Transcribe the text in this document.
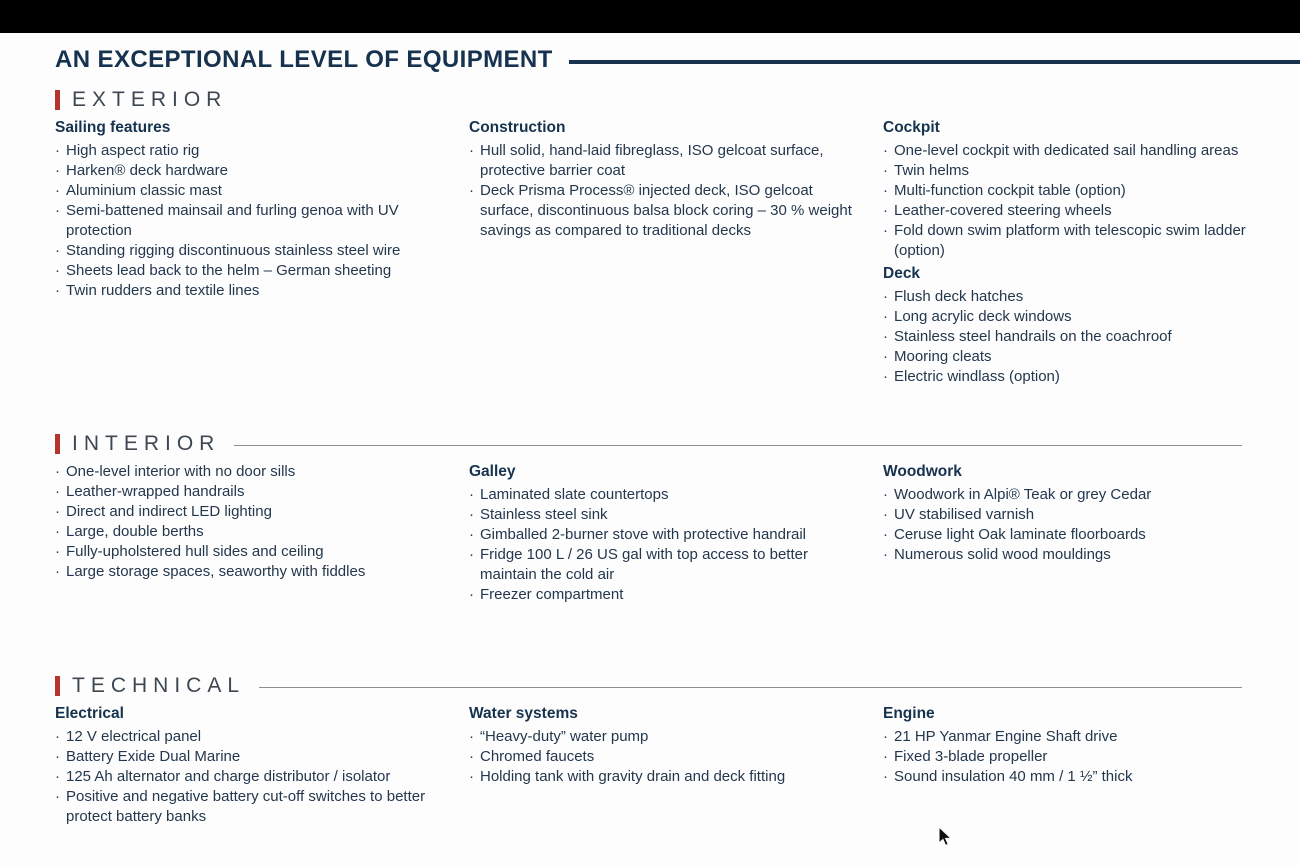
AN EXCEPTIONAL LEVEL OF EQUIPMENT
EXTERIOR
Sailing features
· High aspect ratio rig
· Harken® deck hardware
· Aluminium classic mast
· Semi-battened mainsail and furling genoa with UV protection
· Standing rigging discontinuous stainless steel wire
· Sheets lead back to the helm – German sheeting
· Twin rudders and textile lines
Construction
· Hull solid, hand-laid fibreglass, ISO gelcoat surface, protective barrier coat
· Deck Prisma Process® injected deck, ISO gelcoat surface, discontinuous balsa block coring – 30 % weight savings as compared to traditional decks
Cockpit
· One-level cockpit with dedicated sail handling areas
· Twin helms
· Multi-function cockpit table (option)
· Leather-covered steering wheels
· Fold down swim platform with telescopic swim ladder (option)
Deck
· Flush deck hatches
· Long acrylic deck windows
· Stainless steel handrails on the coachroof
· Mooring cleats
· Electric windlass (option)
INTERIOR
· One-level interior with no door sills
· Leather-wrapped handrails
· Direct and indirect LED lighting
· Large, double berths
· Fully-upholstered hull sides and ceiling
· Large storage spaces, seaworthy with fiddles
Galley
· Laminated slate countertops
· Stainless steel sink
· Gimballed 2-burner stove with protective handrail
· Fridge 100 L / 26 US gal with top access to better maintain the cold air
· Freezer compartment
Woodwork
· Woodwork in Alpi® Teak or grey Cedar
· UV stabilised varnish
· Ceruse light Oak laminate floorboards
· Numerous solid wood mouldings
TECHNICAL
Electrical
· 12 V electrical panel
· Battery Exide Dual Marine
· 125 Ah alternator and charge distributor / isolator
· Positive and negative battery cut-off switches to better protect battery banks
Water systems
· “Heavy-duty” water pump
· Chromed faucets
· Holding tank with gravity drain and deck fitting
Engine
· 21 HP Yanmar Engine Shaft drive
· Fixed 3-blade propeller
· Sound insulation 40 mm / 1 ½” thick
